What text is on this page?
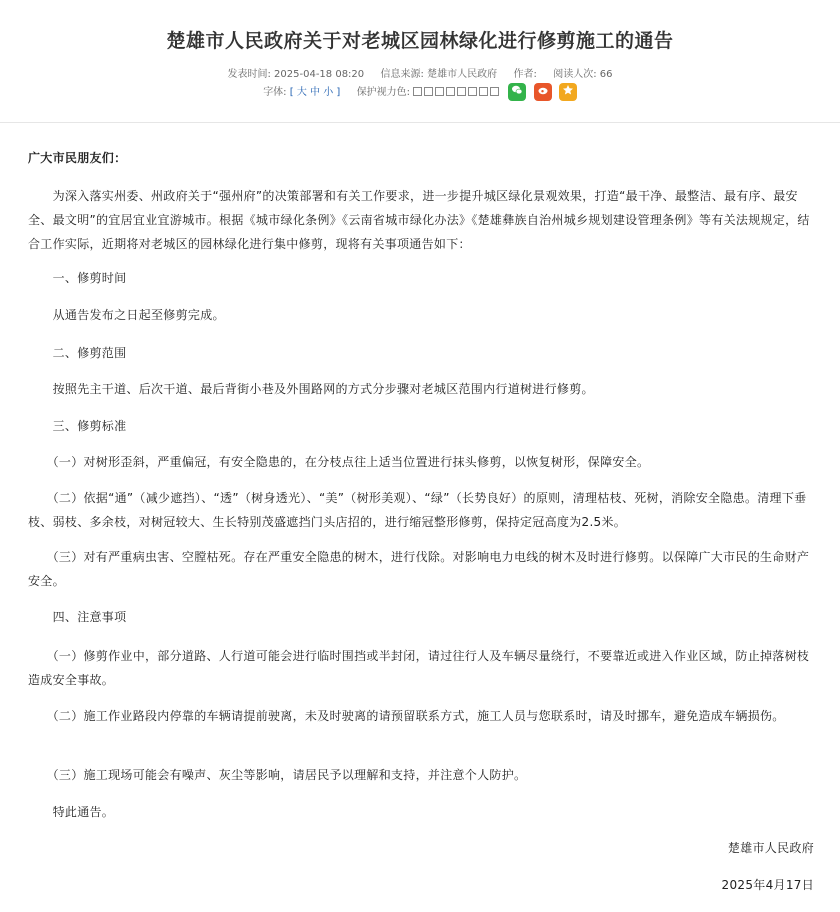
楚雄市人民政府关于对老城区园林绿化进行修剪施工的通告
发表时间: 2025-04-18 08:20 信息来源: 楚雄市人民政府 作者: 阅读人次: 66
字体: [ 大 中 小 ] 保护视力色:
广大市民朋友们：
　　为深入落实州委、州政府关于“强州府”的决策部署和有关工作要求，进一步提升城区绿化景观效果，打造“最干净、最整洁、最有序、最安全、最文明”的宜居宜业宜游城市。根据《城市绿化条例》《云南省城市绿化办法》《楚雄彝族自治州城乡规划建设管理条例》等有关法规规定，结合工作实际，近期将对老城区的园林绿化进行集中修剪，现将有关事项通告如下：
　　一、修剪时间
　　从通告发布之日起至修剪完成。
　　二、修剪范围
　　按照先主干道、后次干道、最后背街小巷及外围路网的方式分步骤对老城区范围内行道树进行修剪。
　　三、修剪标准
　　（一）对树形歪斜，严重偏冠，有安全隐患的，在分枝点往上适当位置进行抹头修剪，以恢复树形，保障安全。
　　（二）依据“通”（减少遮挡）、“透”（树身透光）、“美”（树形美观）、“绿”（长势良好）的原则，清理枯枝、死树，消除安全隐患。清理下垂枝、弱枝、多余枝，对树冠较大、生长特别茂盛遮挡门头店招的，进行缩冠整形修剪，保持定冠高度为2.5米。
　　（三）对有严重病虫害、空膛枯死。存在严重安全隐患的树木，进行伐除。对影响电力电线的树木及时进行修剪。以保障广大市民的生命财产安全。
　　四、注意事项
　　（一）修剪作业中，部分道路、人行道可能会进行临时围挡或半封闭，请过往行人及车辆尽量绕行，不要靠近或进入作业区域，防止掉落树枝造成安全事故。
　　（二）施工作业路段内停靠的车辆请提前驶离，未及时驶离的请预留联系方式，施工人员与您联系时，请及时挪车，避免造成车辆损伤。
　　（三）施工现场可能会有噪声、灰尘等影响，请居民予以理解和支持，并注意个人防护。
　　特此通告。
楚雄市人民政府
2025年4月17日
